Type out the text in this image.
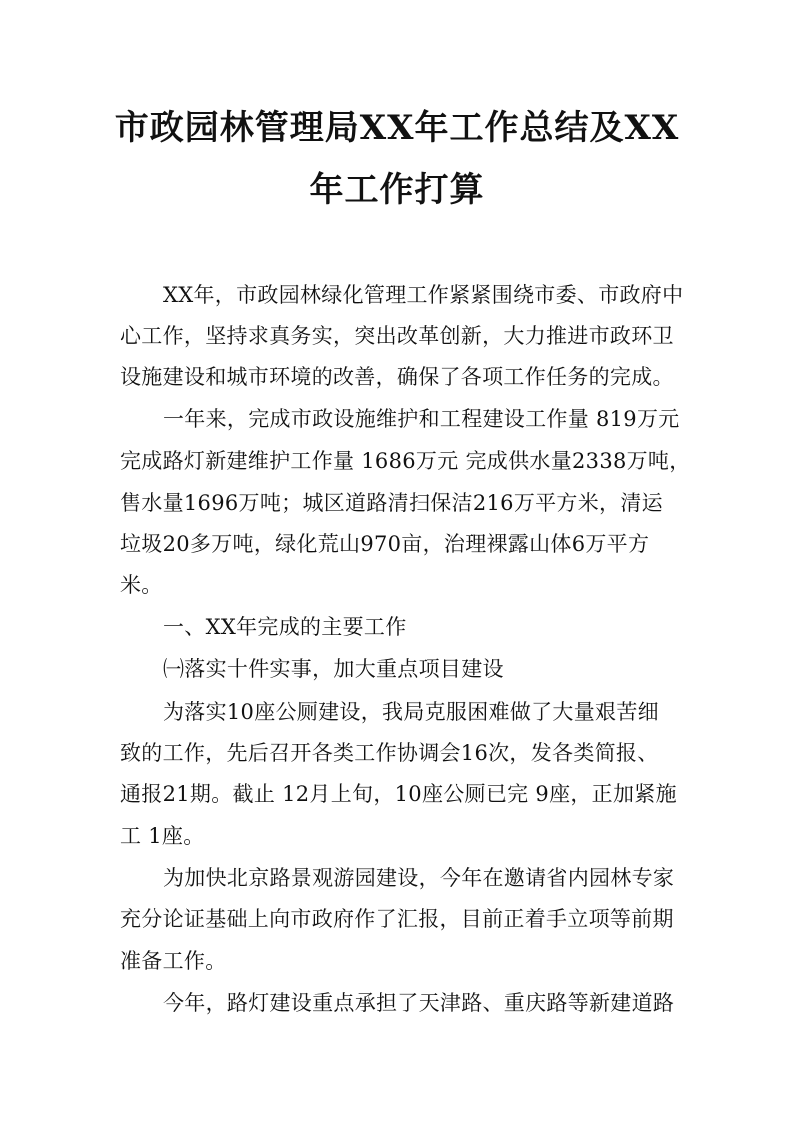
市政园林管理局XX年工作总结及XX
年工作打算
XX年，市政园林绿化管理工作紧紧围绕市委、市政府中
心工作，坚持求真务实，突出改革创新，大力推进市政环卫
设施建设和城市环境的改善，确保了各项工作任务的完成。
一年来，完成市政设施维护和工程建设工作量 819万元
完成路灯新建维护工作量 1686万元 完成供水量2338万吨，
售水量1696万吨；城区道路清扫保洁216万平方米，清运
垃圾20多万吨，绿化荒山970亩，治理裸露山体6万平方
米。
一、XX年完成的主要工作
㈠落实十件实事，加大重点项目建设
为落实10座公厕建设，我局克服困难做了大量艰苦细
致的工作，先后召开各类工作协调会16次，发各类简报、
通报21期。截止 12月上旬，10座公厕已完 9座，正加紧施
工 1座。
为加快北京路景观游园建设，今年在邀请省内园林专家
充分论证基础上向市政府作了汇报，目前正着手立项等前期
准备工作。
今年，路灯建设重点承担了天津路、重庆路等新建道路
